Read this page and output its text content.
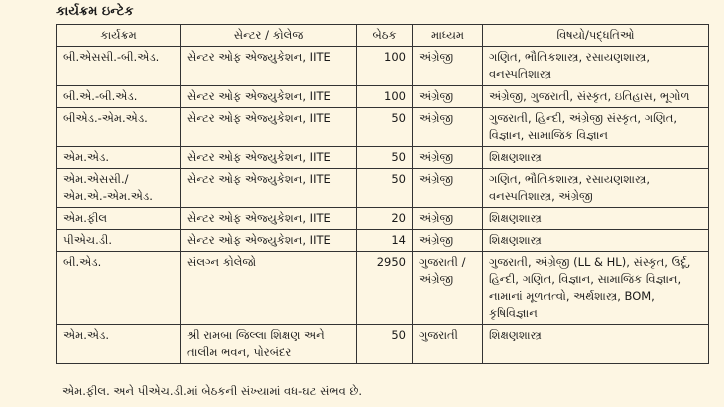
કાર્યક્રમ ઇન્ટેક
કાર્યક્રમ	સેન્ટર / કોલેજ	બેઠક	માધ્યમ	વિષયો/પદ્ધતિઓ
બી.એસસી.-બી.એડ.	સેન્ટર ઓફ એજ્યુકેશન, IITE	100	અંગ્રેજી	ગણિત, ભૌતિકશાસ્ત્ર, રસાયણશાસ્ત્ર, વનસ્પતિશાસ્ત્ર
બી.એ.-બી.એડ.	સેન્ટર ઓફ એજ્યુકેશન, IITE	100	અંગ્રેજી	અંગ્રેજી, ગુજરાતી, સંસ્કૃત, ઇતિહાસ, ભૂગોળ
બીએડ.-એમ.એડ.	સેન્ટર ઓફ એજ્યુકેશન, IITE	50	અંગ્રેજી	ગુજરાતી, હિન્દી, અંગ્રેજી સંસ્કૃત, ગણિત, વિજ્ઞાન, સામાજિક વિજ્ઞાન
એમ.એડ.	સેન્ટર ઓફ એજ્યુકેશન, IITE	50	અંગ્રેજી	શિક્ષણશાસ્ત્ર
એમ.એસસી./ એમ.એ.-એમ.એડ.	સેન્ટર ઓફ એજ્યુકેશન, IITE	50	અંગ્રેજી	ગણિત, ભૌતિકશાસ્ત્ર, રસાયણશાસ્ત્ર, વનસ્પતિશાસ્ત્ર, અંગ્રેજી
એમ.ફીલ	સેન્ટર ઓફ એજ્યુકેશન, IITE	20	અંગ્રેજી	શિક્ષણશાસ્ત્ર
પીએચ.ડી.	સેન્ટર ઓફ એજ્યુકેશન, IITE	14	અંગ્રેજી	શિક્ષણશાસ્ત્ર
બી.એડ.	સંલગ્ન કોલેજો	2950	ગુજરાતી /અંગ્રેજી	ગુજરાતી, અંગ્રેજી (LL & HL), સંસ્કૃત, ઉર્દૂ, હિન્દી, ગણિત, વિજ્ઞાન, સામાજિક વિજ્ઞાન, નામાનાં મૂળતત્વો, અર્થશાસ્ત્ર, BOM, કૃષિવિજ્ઞાન
એમ.એડ.	શ્રી રામબા જિલ્લા શિક્ષણ અને તાલીમ ભવન, પોરબંદર	50	ગુજરાતી	શિક્ષણશાસ્ત્ર
એમ.ફીલ. અને પીએચ.ડી.માં બેઠકની સંખ્યામાં વધ-ઘટ સંભવ છે.
